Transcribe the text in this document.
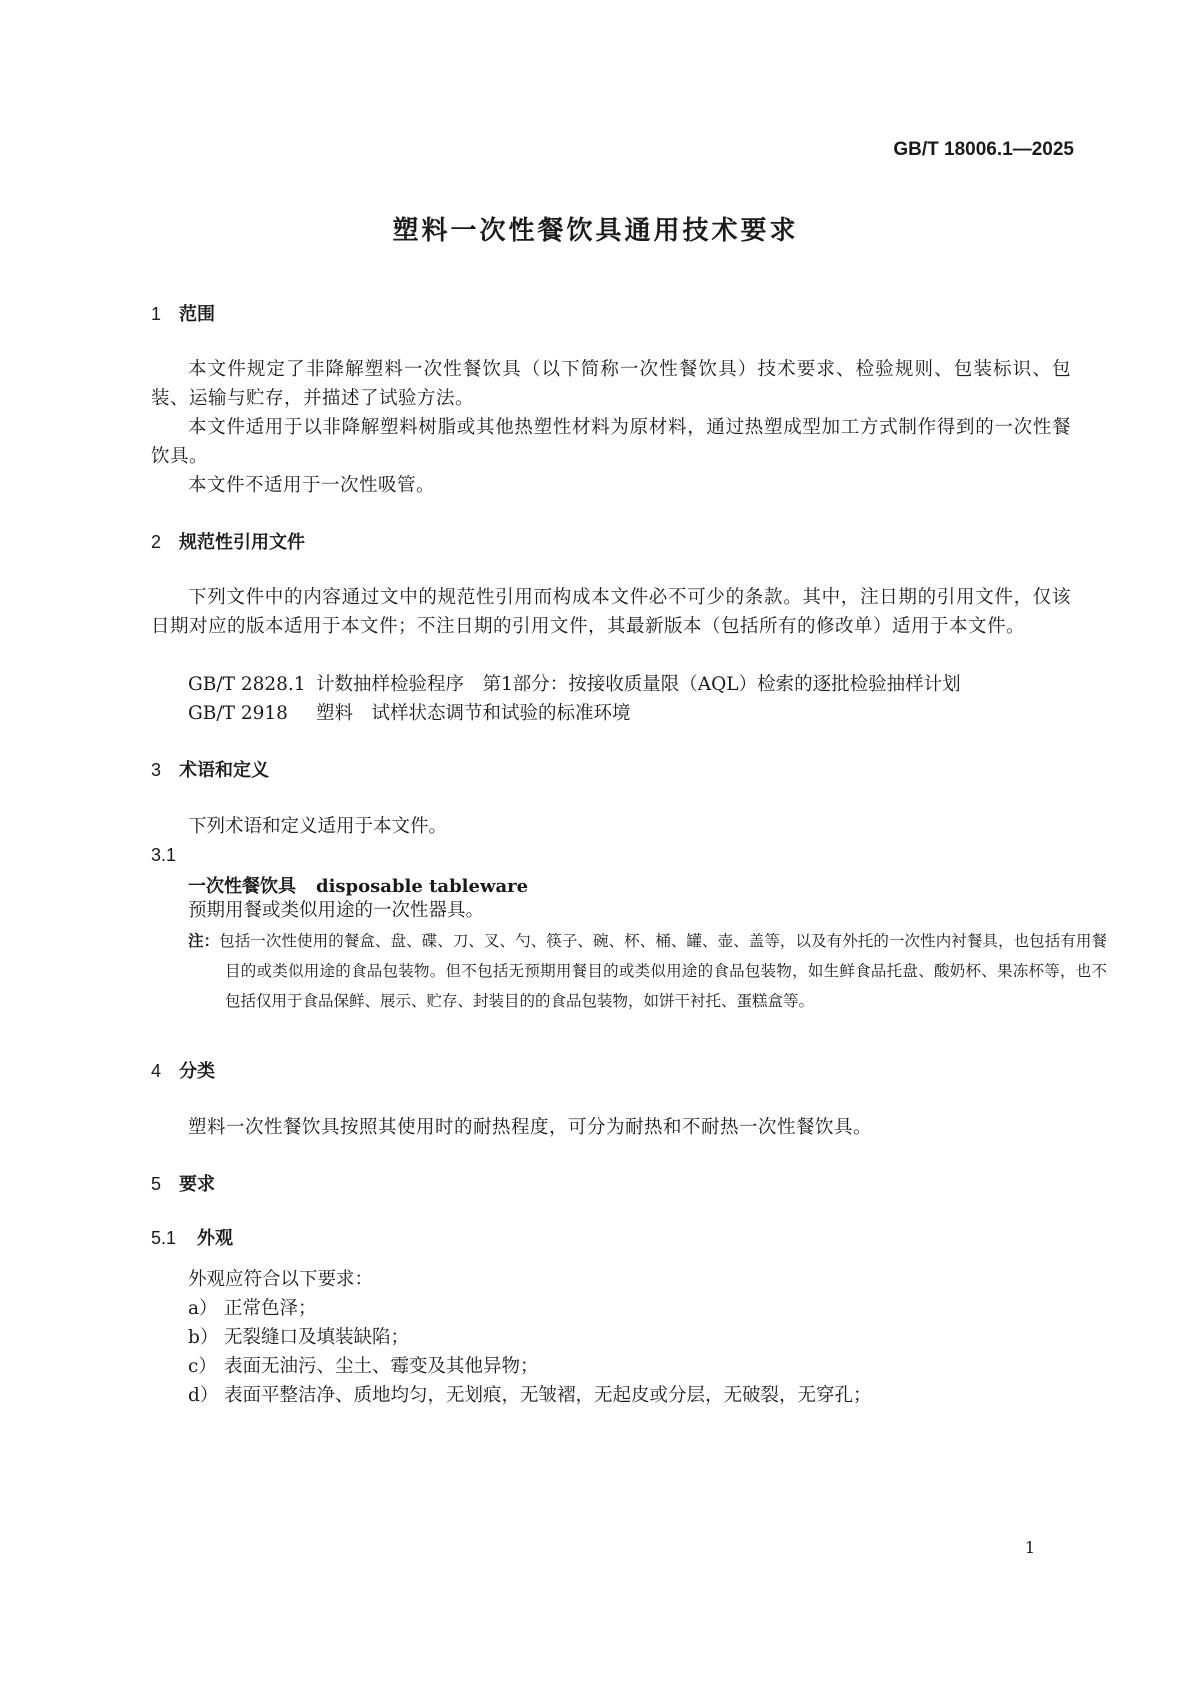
GB/T 18006.1—2025
塑料一次性餐饮具通用技术要求
1 范围
本文件规定了非降解塑料一次性餐饮具（以下简称一次性餐饮具）技术要求、检验规则、包装标识、包装、运输与贮存，并描述了试验方法。
本文件适用于以非降解塑料树脂或其他热塑性材料为原材料，通过热塑成型加工方式制作得到的一次性餐饮具。
本文件不适用于一次性吸管。
2 规范性引用文件
下列文件中的内容通过文中的规范性引用而构成本文件必不可少的条款。其中，注日期的引用文件，仅该日期对应的版本适用于本文件；不注日期的引用文件，其最新版本（包括所有的修改单）适用于本文件。
GB/T 2828.1 计数抽样检验程序　第1部分：按接收质量限（AQL）检索的逐批检验抽样计划
GB/T 2918 塑料　试样状态调节和试验的标准环境
3 术语和定义
下列术语和定义适用于本文件。
3.1
一次性餐饮具 disposable tableware
预期用餐或类似用途的一次性器具。
注：包括一次性使用的餐盒、盘、碟、刀、叉、勺、筷子、碗、杯、桶、罐、壶、盖等，以及有外托的一次性内衬餐具，也包括有用餐目的或类似用途的食品包装物。但不包括无预期用餐目的或类似用途的食品包装物，如生鲜食品托盘、酸奶杯、果冻杯等，也不包括仅用于食品保鲜、展示、贮存、封装目的的食品包装物，如饼干衬托、蛋糕盒等。
4 分类
塑料一次性餐饮具按照其使用时的耐热程度，可分为耐热和不耐热一次性餐饮具。
5 要求
5.1 外观
外观应符合以下要求：
a） 正常色泽；
b） 无裂缝口及填装缺陷；
c） 表面无油污、尘土、霉变及其他异物；
d） 表面平整洁净、质地均匀，无划痕，无皱褶，无起皮或分层，无破裂，无穿孔；
1
